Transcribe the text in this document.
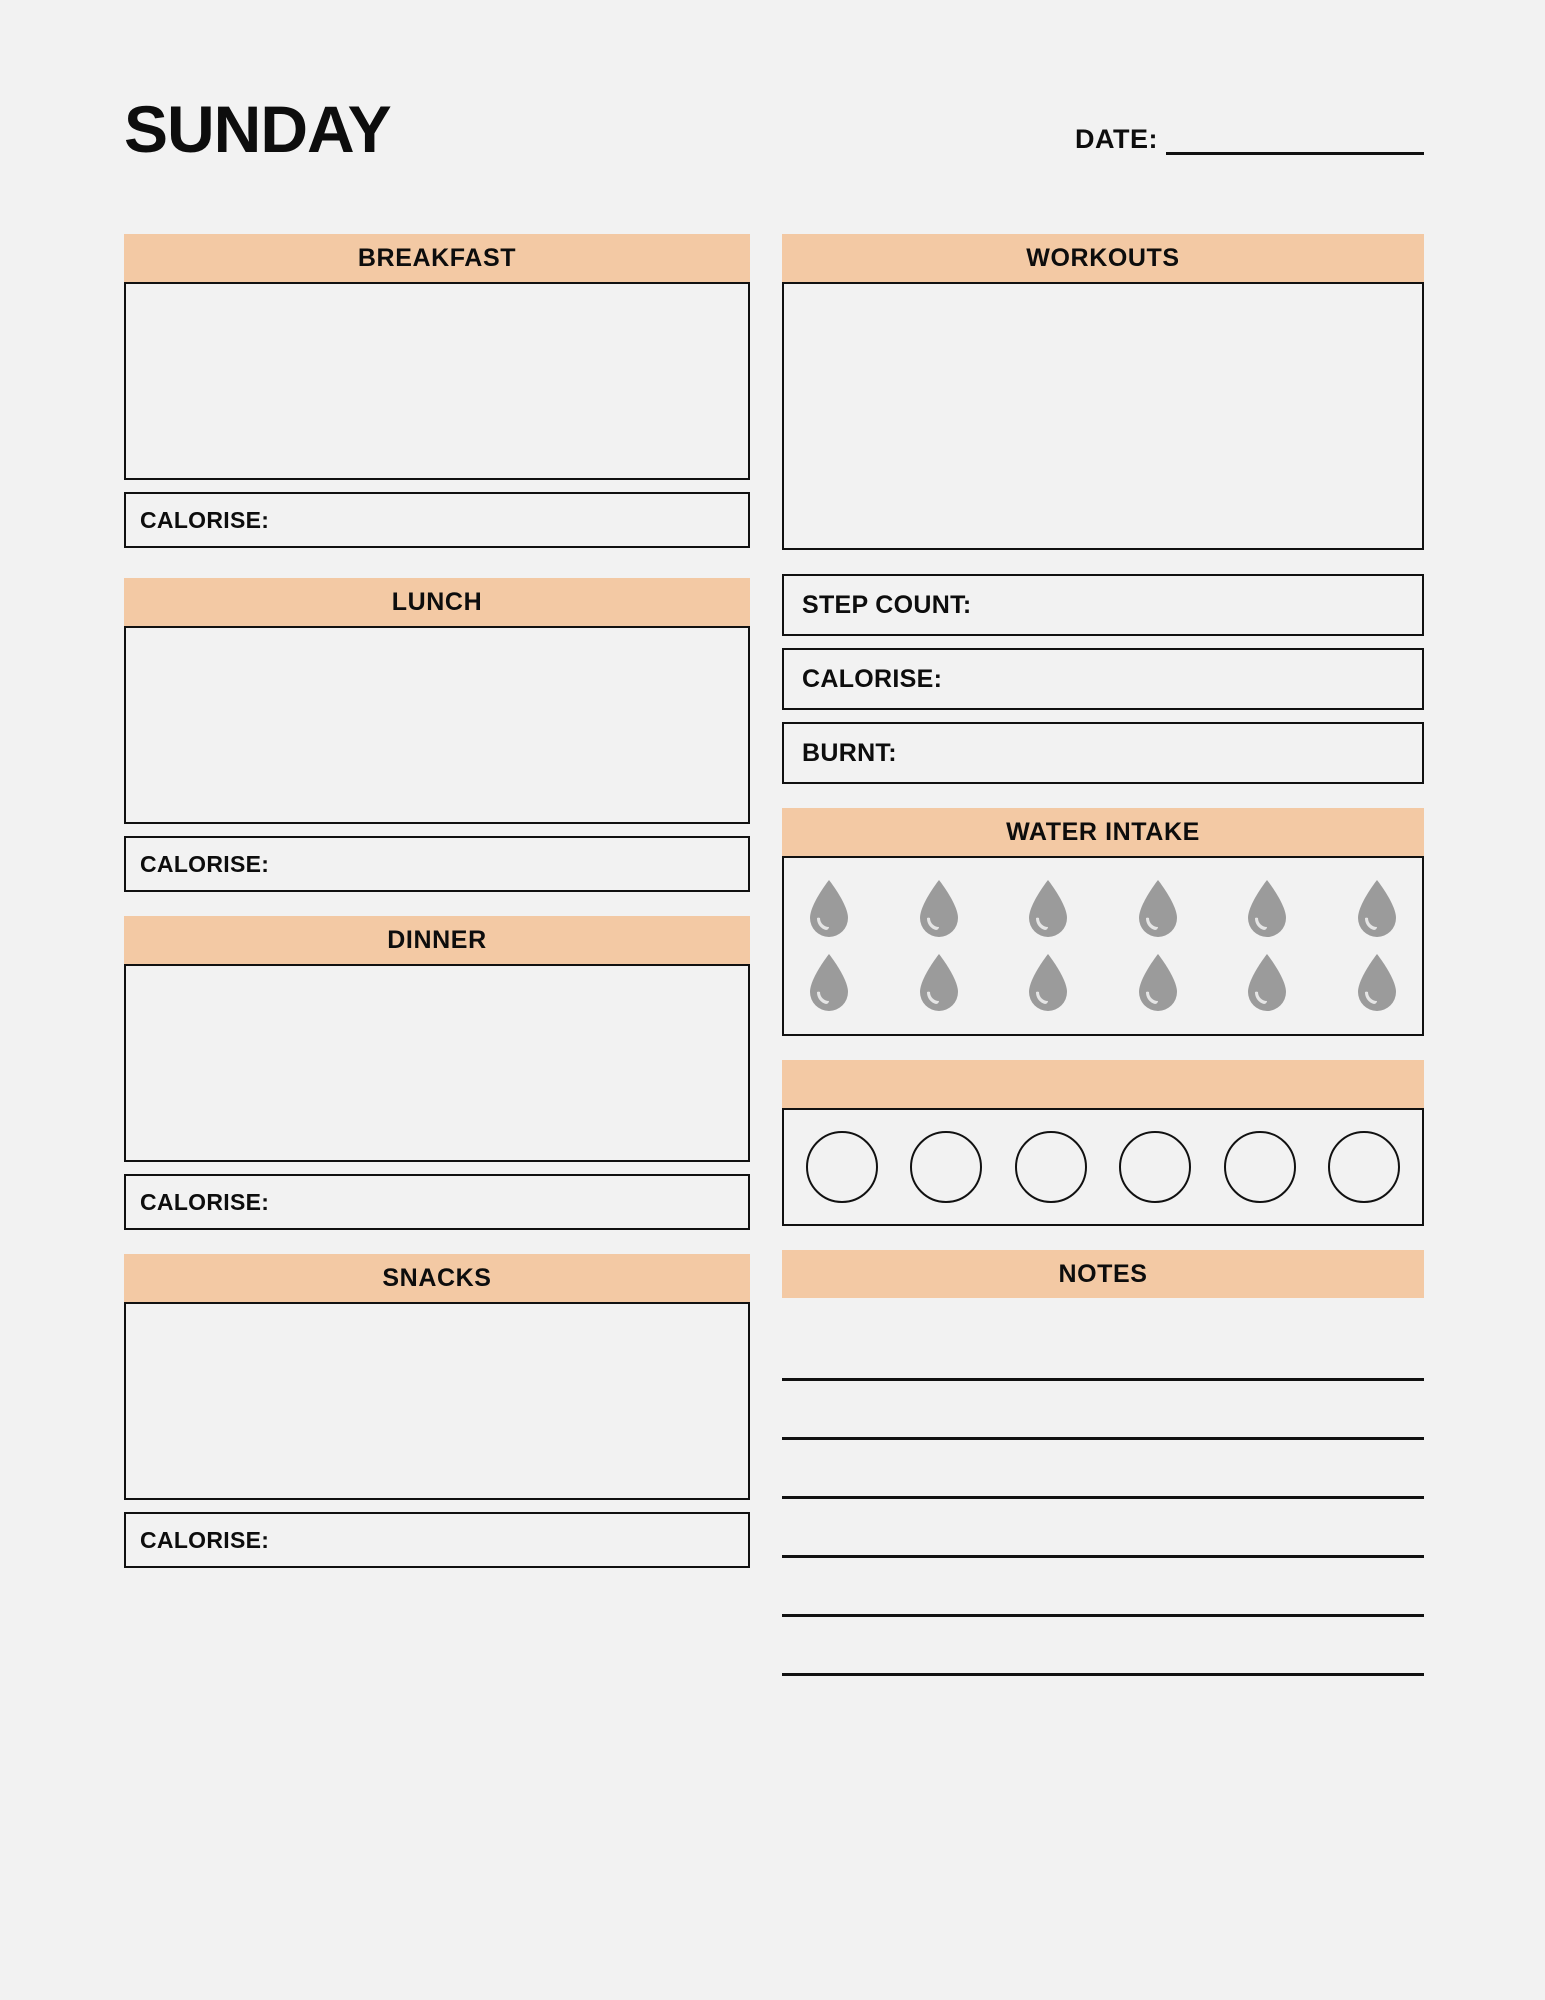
SUNDAY	DATE:
BREAKFAST
CALORISE:
LUNCH
CALORISE:
DINNER
CALORISE:
SNACKS
CALORISE:
WORKOUTS
STEP COUNT:
CALORISE:
BURNT:
WATER INTAKE
NOTES
